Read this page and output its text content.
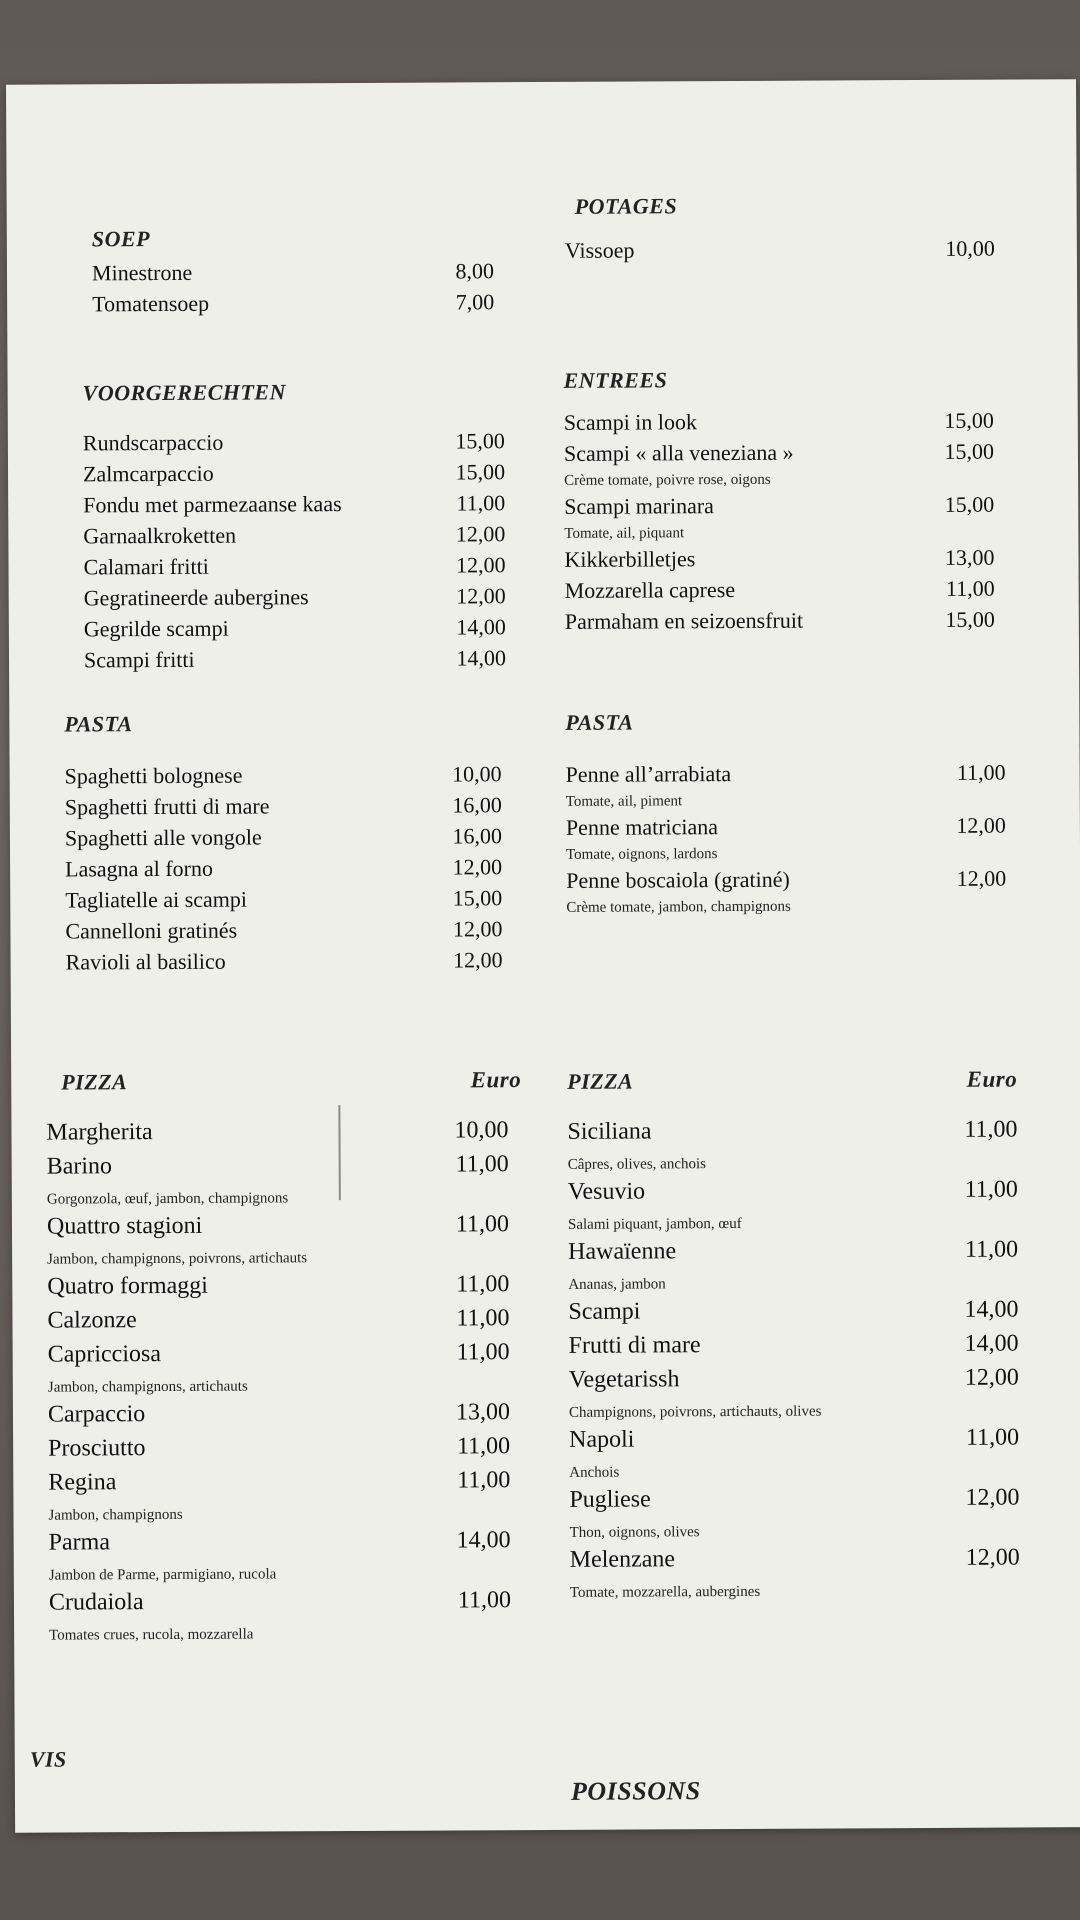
SOEP
Minestrone	8,00
Tomatensoep	7,00
VOORGERECHTEN
Rundscarpaccio	15,00
Zalmcarpaccio	15,00
Fondu met parmezaanse kaas	11,00
Garnaalkroketten	12,00
Calamari fritti	12,00
Gegratineerde aubergines	12,00
Gegrilde scampi	14,00
Scampi fritti	14,00
PASTA
Spaghetti bolognese	10,00
Spaghetti frutti di mare	16,00
Spaghetti alle vongole	16,00
Lasagna al forno	12,00
Tagliatelle ai scampi	15,00
Cannelloni gratinés	12,00
Ravioli al basilico	12,00
PIZZA	Euro
Margherita	10,00
Barino	11,00
Gorgonzola, œuf, jambon, champignons
Quattro stagioni	11,00
Jambon, champignons, poivrons, artichauts
Quatro formaggi	11,00
Calzonze	11,00
Capricciosa	11,00
Jambon, champignons, artichauts
Carpaccio	13,00
Prosciutto	11,00
Regina	11,00
Jambon, champignons
Parma	14,00
Jambon de Parme, parmigiano, rucola
Crudaiola	11,00
Tomates crues, rucola, mozzarella
VIS
POTAGES
Vissoep	10,00
ENTREES
Scampi in look	15,00
Scampi « alla veneziana »	15,00
Crème tomate, poivre rose, oigons
Scampi marinara	15,00
Tomate, ail, piquant
Kikkerbilletjes	13,00
Mozzarella caprese	11,00
Parmaham en seizoensfruit	15,00
PASTA
Penne all’arrabiata	11,00
Tomate, ail, piment
Penne matriciana	12,00
Tomate, oignons, lardons
Penne boscaiola (gratiné)	12,00
Crème tomate, jambon, champignons
PIZZA	Euro
Siciliana	11,00
Câpres, olives, anchois
Vesuvio	11,00
Salami piquant, jambon, œuf
Hawaïenne	11,00
Ananas, jambon
Scampi	14,00
Frutti di mare	14,00
Vegetarissh	12,00
Champignons, poivrons, artichauts, olives
Napoli	11,00
Anchois
Pugliese	12,00
Thon, oignons, olives
Melenzane	12,00
Tomate, mozzarella, aubergines
POISSONS
